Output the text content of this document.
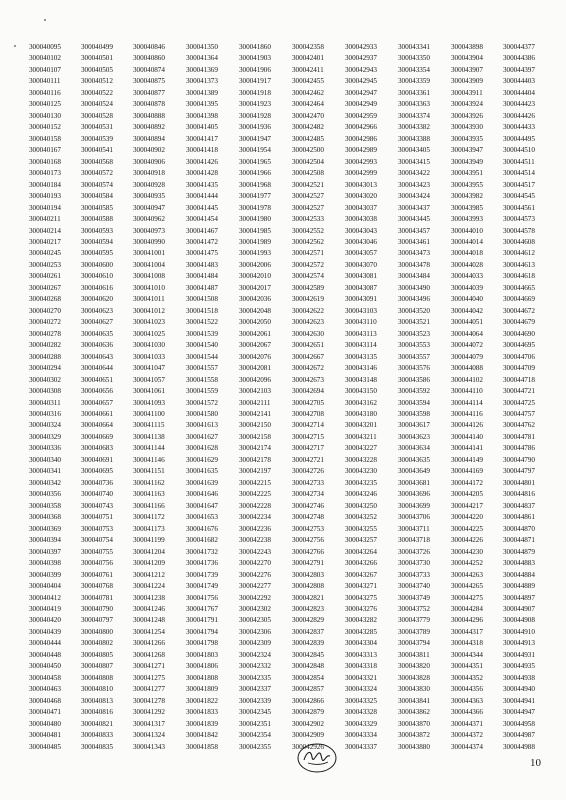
300040095	300040499	300040846	300041350	300041860	300042358	300042933	300043341	300043898	300044377
300040102	300040501	300040860	300041364	300041903	300042401	300042937	300043350	300043904	300044386
300040107	300040505	300040874	300041369	300041906	300042411	300042943	300043354	300043907	300044397
300040111	300040512	300040875	300041373	300041917	300042455	300042945	300043359	300043909	300044403
300040116	300040522	300040877	300041389	300041918	300042462	300042947	300043361	300043911	300044404
300040125	300040524	300040878	300041395	300041923	300042464	300042949	300043363	300043924	300044423
300040130	300040528	300040888	300041398	300041928	300042470	300042959	300043374	300043926	300044426
300040152	300040531	300040892	300041405	300041936	300042482	300042966	300043382	300043930	300044433
300040158	300040539	300040894	300041417	300041947	300042485	300042986	300043388	300043935	300044495
300040167	300040541	300040902	300041418	300041954	300042500	300042989	300043405	300043947	300044510
300040168	300040568	300040906	300041426	300041965	300042504	300042993	300043415	300043949	300044511
300040173	300040572	300040918	300041428	300041966	300042508	300042999	300043422	300043951	300044514
300040184	300040574	300040928	300041435	300041968	300042521	300043013	300043423	300043955	300044517
300040193	300040584	300040935	300041444	300041977	300042527	300043020	300043424	300043982	300044545
300040194	300040585	300040947	300041445	300041978	300042527	300043037	300043437	300043985	300044561
300040211	300040588	300040962	300041454	300041980	300042533	300043038	300043445	300043993	300044573
300040214	300040593	300040973	300041467	300041985	300042552	300043043	300043457	300044010	300044578
300040217	300040594	300040990	300041472	300041989	300042562	300043046	300043461	300044014	300044608
300040245	300040595	300041001	300041475	300041993	300042571	300043057	300043473	300044018	300044612
300040253	300040600	300041004	300041483	300042006	300042572	300043070	300043478	300044028	300044613
300040261	300040610	300041008	300041484	300042010	300042574	300043081	300043484	300044033	300044618
300040267	300040616	300041010	300041487	300042017	300042589	300043087	300043490	300044039	300044665
300040268	300040620	300041011	300041508	300042036	300042619	300043091	300043496	300044040	300044669
300040270	300040623	300041012	300041518	300042048	300042622	300043103	300043520	300044042	300044672
300040272	300040627	300041023	300041522	300042050	300042623	300043110	300043521	300044051	300044679
300040278	300040635	300041025	300041539	300042061	300042630	300043113	300043523	300044064	300044690
300040282	300040636	300041030	300041540	300042067	300042651	300043114	300043553	300044072	300044695
300040288	300040643	300041033	300041544	300042076	300042667	300043135	300043557	300044079	300044706
300040294	300040644	300041047	300041557	300042081	300042672	300043146	300043576	300044088	300044709
300040302	300040651	300041057	300041558	300042096	300042673	300043148	300043586	300044102	300044718
300040308	300040656	300041061	300041559	300042103	300042694	300043150	300043592	300044110	300044721
300040311	300040657	300041093	300041572	300042111	300042705	300043162	300043594	300044114	300044725
300040316	300040661	300041100	300041580	300042141	300042708	300043180	300043598	300044116	300044757
300040324	300040664	300041115	300041613	300042150	300042714	300043201	300043617	300044126	300044762
300040329	300040669	300041138	300041627	300042158	300042715	300043211	300043623	300044140	300044781
300040336	300040683	300041144	300041628	300042174	300042717	300043227	300043634	300044141	300044786
300040340	300040691	300041146	300041629	300042178	300042721	300043228	300043635	300044149	300044790
300040341	300040695	300041151	300041635	300042197	300042726	300043230	300043649	300044169	300044797
300040342	300040736	300041162	300041639	300042215	300042733	300043235	300043681	300044172	300044801
300040356	300040740	300041163	300041646	300042225	300042734	300043246	300043696	300044205	300044816
300040358	300040743	300041166	300041647	300042228	300042746	300043250	300043699	300044217	300044837
300040368	300040751	300041172	300041653	300042234	300042748	300043252	300043706	300044220	300044861
300040369	300040753	300041173	300041676	300042236	300042753	300043255	300043711	300044225	300044870
300040394	300040754	300041199	300041682	300042238	300042756	300043257	300043718	300044226	300044871
300040397	300040755	300041204	300041732	300042243	300042766	300043264	300043726	300044230	300044879
300040398	300040756	300041209	300041736	300042270	300042791	300043266	300043730	300044252	300044883
300040399	300040761	300041212	300041739	300042276	300042803	300043267	300043733	300044263	300044884
300040404	300040768	300041224	300041749	300042277	300042808	300043271	300043740	300044265	300044889
300040412	300040781	300041238	300041756	300042292	300042821	300043275	300043749	300044275	300044897
300040419	300040790	300041246	300041767	300042302	300042823	300043276	300043752	300044284	300044907
300040420	300040797	300041248	300041791	300042305	300042829	300043282	300043779	300044296	300044908
300040439	300040800	300041254	300041794	300042306	300042837	300043285	300043789	300044317	300044910
300040444	300040802	300041266	300041798	300042309	300042839	300043304	300043794	300044318	300044913
300040448	300040805	300041268	300041803	300042324	300042845	300043313	300043811	300044344	300044931
300040450	300040807	300041271	300041806	300042332	300042848	300043318	300043820	300044351	300044935
300040458	300040808	300041275	300041808	300042335	300042854	300043321	300043828	300044352	300044938
300040463	300040810	300041277	300041809	300042337	300042857	300043324	300043830	300044356	300044940
300040468	300040813	300041278	300041822	300042339	300042866	300043325	300043841	300044363	300044941
300040471	300040816	300041292	300041833	300042345	300042879	300043328	300043862	300044366	300044947
300040480	300040821	300041317	300041839	300042351	300042902	300043329	300043870	300044371	300044958
300040481	300040833	300041324	300041842	300042354	300042909	300043334	300043872	300044372	300044987
300040485	300040835	300041343	300041858	300042355	300042926	300043337	300043880	300044374	300044988
10
